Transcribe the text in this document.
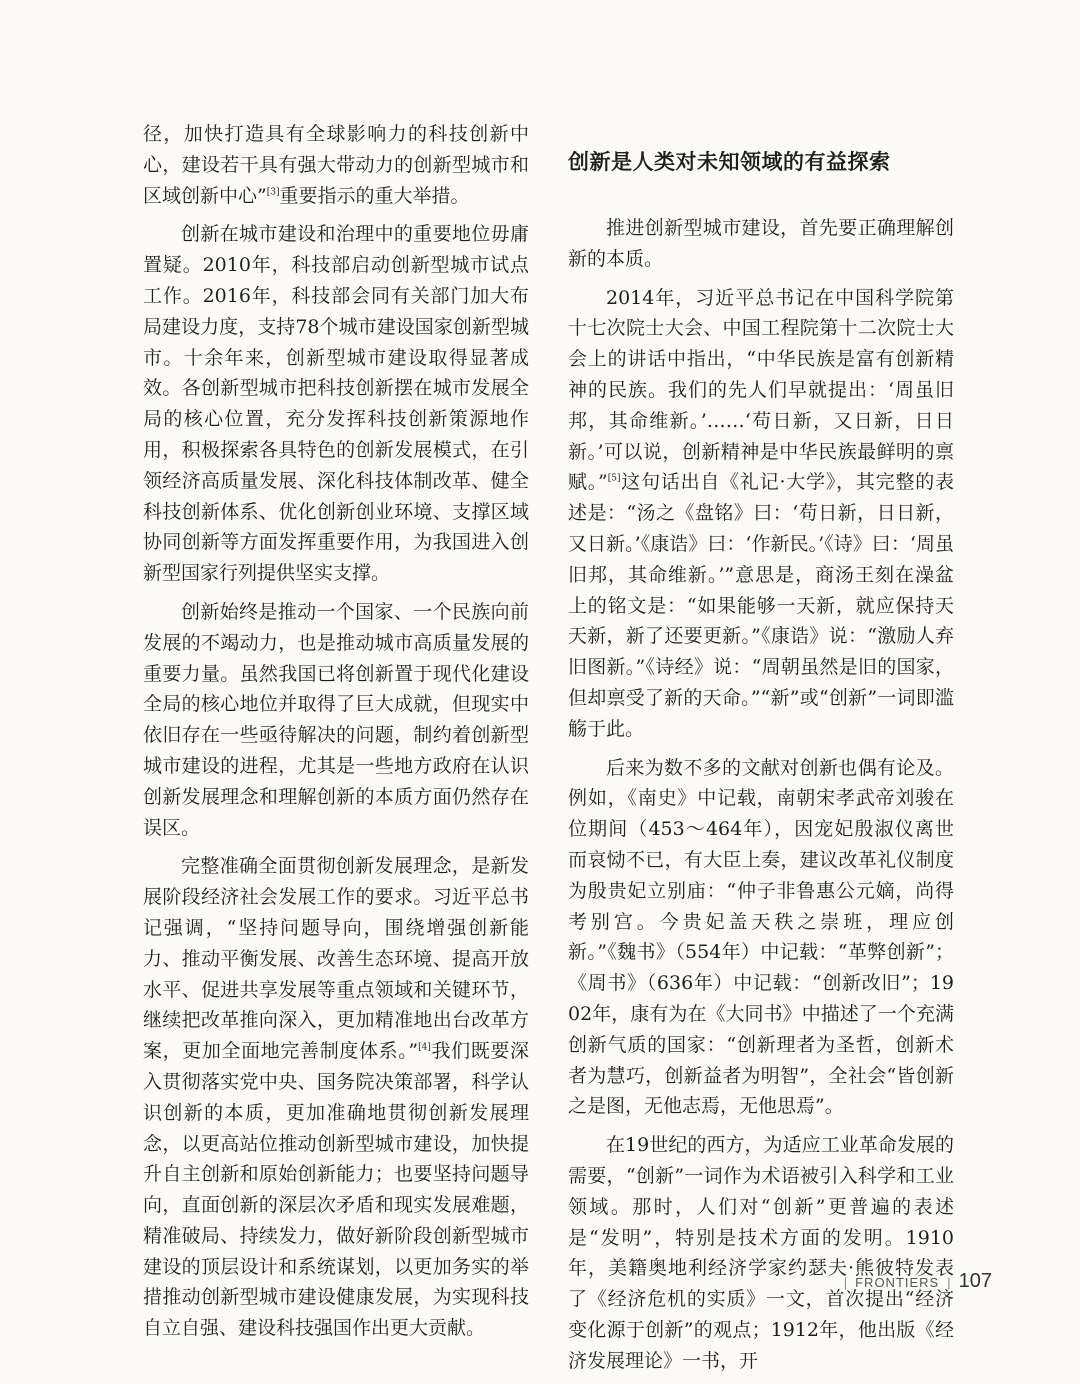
径，加快打造具有全球影响力的科技创新中心，建设若干具有强大带动力的创新型城市和区域创新中心”[3]重要指示的重大举措。

创新在城市建设和治理中的重要地位毋庸置疑。2010年，科技部启动创新型城市试点工作。2016年，科技部会同有关部门加大布局建设力度，支持78个城市建设国家创新型城市。十余年来，创新型城市建设取得显著成效。各创新型城市把科技创新摆在城市发展全局的核心位置，充分发挥科技创新策源地作用，积极探索各具特色的创新发展模式，在引领经济高质量发展、深化科技体制改革、健全科技创新体系、优化创新创业环境、支撑区域协同创新等方面发挥重要作用，为我国进入创新型国家行列提供坚实支撑。

创新始终是推动一个国家、一个民族向前发展的不竭动力，也是推动城市高质量发展的重要力量。虽然我国已将创新置于现代化建设全局的核心地位并取得了巨大成就，但现实中依旧存在一些亟待解决的问题，制约着创新型城市建设的进程，尤其是一些地方政府在认识创新发展理念和理解创新的本质方面仍然存在误区。

完整准确全面贯彻创新发展理念，是新发展阶段经济社会发展工作的要求。习近平总书记强调，“坚持问题导向，围绕增强创新能力、推动平衡发展、改善生态环境、提高开放水平、促进共享发展等重点领域和关键环节，继续把改革推向深入，更加精准地出台改革方案，更加全面地完善制度体系。”[4]我们既要深入贯彻落实党中央、国务院决策部署，科学认识创新的本质，更加准确地贯彻创新发展理念，以更高站位推动创新型城市建设，加快提升自主创新和原始创新能力；也要坚持问题导向，直面创新的深层次矛盾和现实发展难题，精准破局、持续发力，做好新阶段创新型城市建设的顶层设计和系统谋划，以更加务实的举措推动创新型城市建设健康发展，为实现科技自立自强、建设科技强国作出更大贡献。

创新是人类对未知领域的有益探索

推进创新型城市建设，首先要正确理解创新的本质。

2014年，习近平总书记在中国科学院第十七次院士大会、中国工程院第十二次院士大会上的讲话中指出，“中华民族是富有创新精神的民族。我们的先人们早就提出：‘周虽旧邦，其命维新。’……‘苟日新，又日新，日日新。’可以说，创新精神是中华民族最鲜明的禀赋。”[5]这句话出自《礼记·大学》，其完整的表述是：“汤之《盘铭》曰：‘苟日新，日日新，又日新。’《康诰》曰：‘作新民。’《诗》曰：‘周虽旧邦，其命维新。’”意思是，商汤王刻在澡盆上的铭文是：“如果能够一天新，就应保持天天新，新了还要更新。”《康诰》说：“激励人弃旧图新。”《诗经》说：“周朝虽然是旧的国家，但却禀受了新的天命。”“新”或“创新”一词即滥觞于此。

后来为数不多的文献对创新也偶有论及。例如，《南史》中记载，南朝宋孝武帝刘骏在位期间（453～464年），因宠妃殷淑仪离世而哀恸不已，有大臣上奏，建议改革礼仪制度为殷贵妃立别庙：“仲子非鲁惠公元嫡，尚得考别宫。今贵妃盖天秩之崇班，理应创新。”《魏书》（554年）中记载：“革弊创新”；《周书》（636年）中记载：“创新改旧”；1902年，康有为在《大同书》中描述了一个充满创新气质的国家：“创新理者为圣哲，创新术者为慧巧，创新益者为明智”，全社会“皆创新之是图，无他志焉，无他思焉”。

在19世纪的西方，为适应工业革命发展的需要，“创新”一词作为术语被引入科学和工业领域。那时，人们对“创新”更普遍的表述是“发明”，特别是技术方面的发明。1910年，美籍奥地利经济学家约瑟夫·熊彼特发表了《经济危机的实质》一文，首次提出“经济变化源于创新”的观点；1912年，他出版《经济发展理论》一书，开

| FRONTIERS | 107
